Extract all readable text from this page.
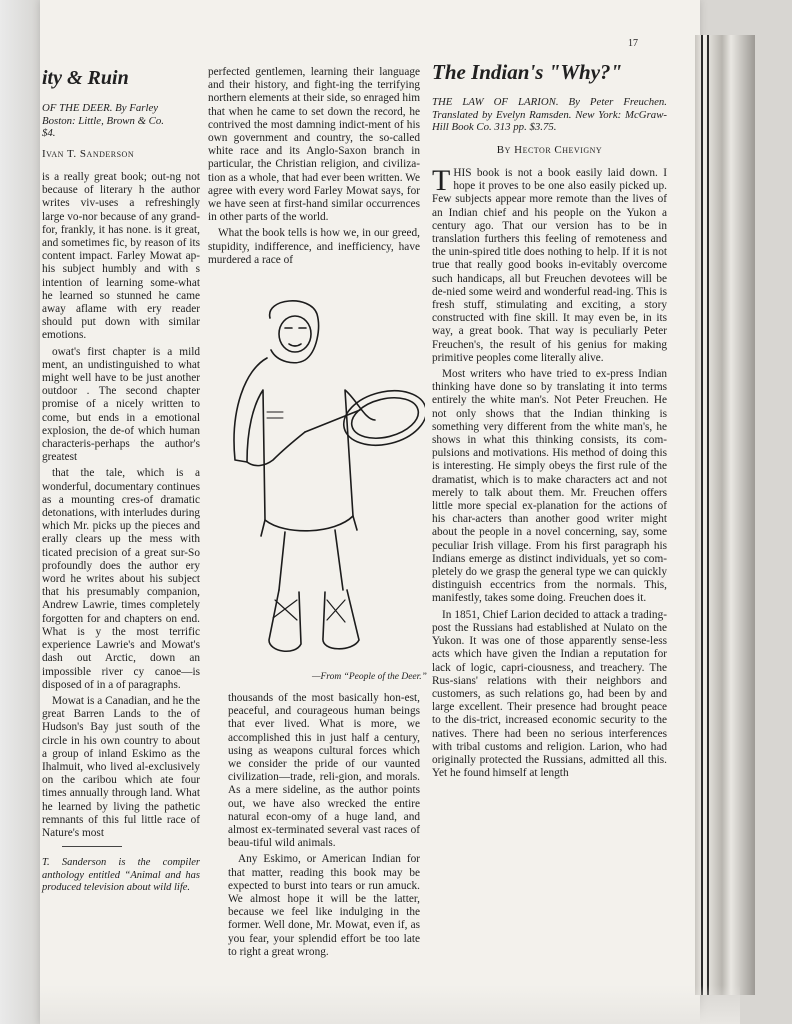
17
ity & Ruin
OF THE DEER. By Farley
Boston: Little, Brown & Co.
$4.
Ivan T. Sanderson

is a really great book; out-ng not because of literary h the author writes viv-uses a refreshingly large vo-nor because of any grand-for, frankly, it has none. is it great, and sometimes fic, by reason of its content impact. Farley Mowat ap-his subject humbly and with s intention of learning some-what he learned so stunned he came away aflame with ery reader should put down with similar emotions.

owat's first chapter is a mild ment, an undistinguished to what might well have to be just another outdoor . The second chapter promise of a nicely written to come, but ends in a emotional explosion, the de-of which human characteris-perhaps the author's greatest

that the tale, which is a wonderful, documentary continues as a mounting cres-of dramatic detonations, with interludes during which Mr. picks up the pieces and erally clears up the mess with ticated precision of a great sur-So profoundly does the author ery word he writes about his subject that his presumably companion, Andrew Lawrie, times completely forgotten for and chapters on end. What is y the most terrific experience Lawrie's and Mowat's dash out Arctic, down an impossible river cy canoe—is disposed of in a of paragraphs.

Mowat is a Canadian, and he the great Barren Lands to the of Hudson's Bay just south of the circle in his own country to about a group of inland Eskimo as the Ihalmuit, who lived al-exclusively on the caribou which ate four times annually through land. What he learned by living the pathetic remnants of this ful little race of Nature's most

T. Sanderson is the compiler anthology entitled “Animal and has produced television about wild life.

perfected gentlemen, learning their language and their history, and fight-ing the terrifying northern elements at their side, so enraged him that when he came to set down the record, he contrived the most damning indict-ment of his own government and country, the so-called white race and its Anglo-Saxon branch in particular, the Christian religion, and civiliza-tion as a whole, that had ever been written. We agree with every word Farley Mowat says, for we have seen at first-hand similar occurrences in other parts of the world.

What the book tells is how we, in our greed, stupidity, indifference, and inefficiency, have murdered a race of

—From “People of the Deer.”

thousands of the most basically hon-est, peaceful, and courageous human beings that ever lived. What is more, we accomplished this in just half a century, using as weapons cultural forces which we consider the pride of our vaunted civilization—trade, reli-gion, and morals. As a mere sideline, as the author points out, we have also wrecked the entire natural econ-omy of a huge land, and almost ex-terminated several vast races of beau-tiful wild animals.

Any Eskimo, or American Indian for that matter, reading this book may be expected to burst into tears or run amuck. We almost hope it will be the latter, because we feel like indulging in the former. Well done, Mr. Mowat, even if, as you fear, your splendid effort be too late to right a great wrong.

The Indian's "Why?"
THE LAW OF LARION. By Peter Freuchen. Translated by Evelyn Ramsden. New York: McGraw-Hill Book Co. 313 pp. $3.75.
By Hector Chevigny

THIS book is not a book easily laid down. I hope it proves to be one also easily picked up. Few subjects appear more remote than the lives of an Indian chief and his people on the Yukon a century ago. That our version has to be in translation furthers this feeling of remoteness and the unin-spired title does nothing to help. If it is not true that really good books in-evitably overcome such handicaps, all but Freuchen devotees will be de-nied some weird and wonderful read-ing. This is fresh stuff, stimulating and exciting, a story constructed with fine skill. It may even be, in its way, a great book. That way is peculiarly Peter Freuchen's, the result of his genius for making primitive peoples come literally alive.

Most writers who have tried to ex-press Indian thinking have done so by translating it into terms entirely the white man's. Not Peter Freuchen. He not only shows that the Indian thinking is something very different from the white man's, he shows in what this thinking consists, its com-pulsions and motivations. His method of doing this is interesting. He simply obeys the first rule of the dramatist, which is to make characters act and not merely to talk about them. Mr. Freuchen offers little more special ex-planation for the actions of his char-acters than another good writer might about the people in a novel concerning, say, some peculiar Irish village. From his first paragraph his Indians emerge as distinct individuals, yet so com-pletely do we grasp the general type we can quickly distinguish eccentrics from the normals. This, manifestly, takes some doing. Freuchen does it.

In 1851, Chief Larion decided to attack a trading-post the Russians had established at Nulato on the Yukon. It was one of those apparently sense-less acts which have given the Indian a reputation for lack of logic, capri-ciousness, and treachery. The Rus-sians' relations with their neighbors and customers, as such relations go, had been by and large excellent. Their presence had brought peace to the dis-trict, increased economic security to the natives. There had been no serious interferences with tribal customs and religion. Larion, who had originally protected the Russians, admitted all this. Yet he found himself at length
